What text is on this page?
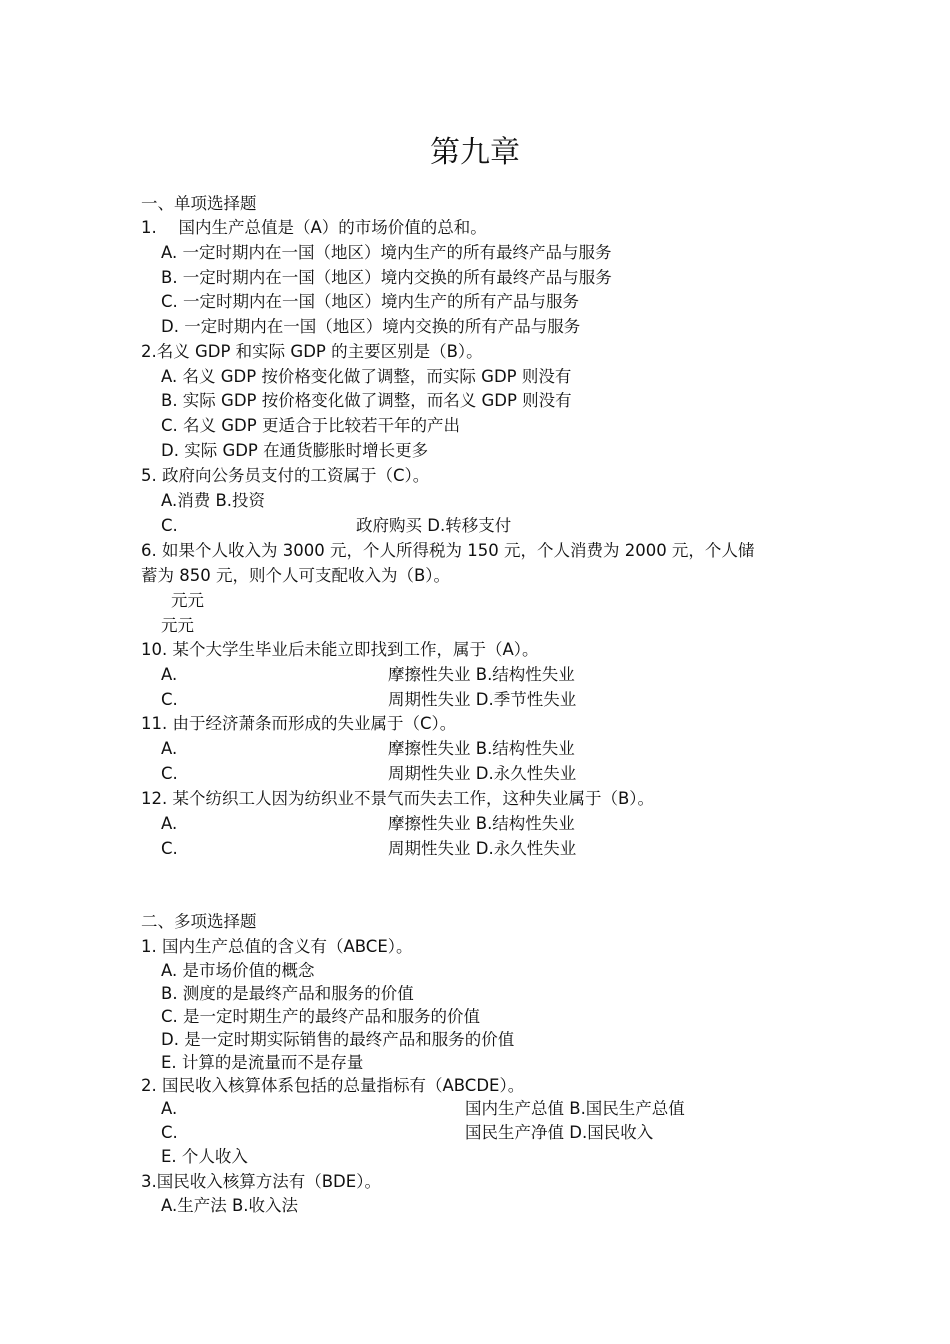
第九章
一、单项选择题
1.　 国内生产总值是（A）的市场价值的总和。
A. 一定时期内在一国（地区）境内生产的所有最终产品与服务
B. 一定时期内在一国（地区）境内交换的所有最终产品与服务
C. 一定时期内在一国（地区）境内生产的所有产品与服务
D. 一定时期内在一国（地区）境内交换的所有产品与服务
2.名义 GDP 和实际 GDP 的主要区别是（B）。
A. 名义 GDP 按价格变化做了调整，而实际 GDP 则没有
B. 实际 GDP 按价格变化做了调整，而名义 GDP 则没有
C. 名义 GDP 更适合于比较若干年的产出
D. 实际 GDP 在通货膨胀时增长更多
5. 政府向公务员支付的工资属于（C）。
A.消费 B.投资
C.	政府购买 D.转移支付
6. 如果个人收入为 3000 元，个人所得税为 150 元，个人消费为 2000 元，个人储
蓄为 850 元，则个人可支配收入为（B）。
元元
元元
10. 某个大学生毕业后未能立即找到工作，属于（A）。
A.	摩擦性失业 B.结构性失业
C.	周期性失业 D.季节性失业
11. 由于经济萧条而形成的失业属于（C）。
A.	摩擦性失业 B.结构性失业
C.	周期性失业 D.永久性失业
12. 某个纺织工人因为纺织业不景气而失去工作，这种失业属于（B）。
A.	摩擦性失业 B.结构性失业
C.	周期性失业 D.永久性失业
二、多项选择题
1. 国内生产总值的含义有（ABCE）。
A. 是市场价值的概念
B. 测度的是最终产品和服务的价值
C. 是一定时期生产的最终产品和服务的价值
D. 是一定时期实际销售的最终产品和服务的价值
E. 计算的是流量而不是存量
2. 国民收入核算体系包括的总量指标有（ABCDE）。
A.	国内生产总值 B.国民生产总值
C.	国民生产净值 D.国民收入
E. 个人收入
3.国民收入核算方法有（BDE）。
A.生产法 B.收入法
